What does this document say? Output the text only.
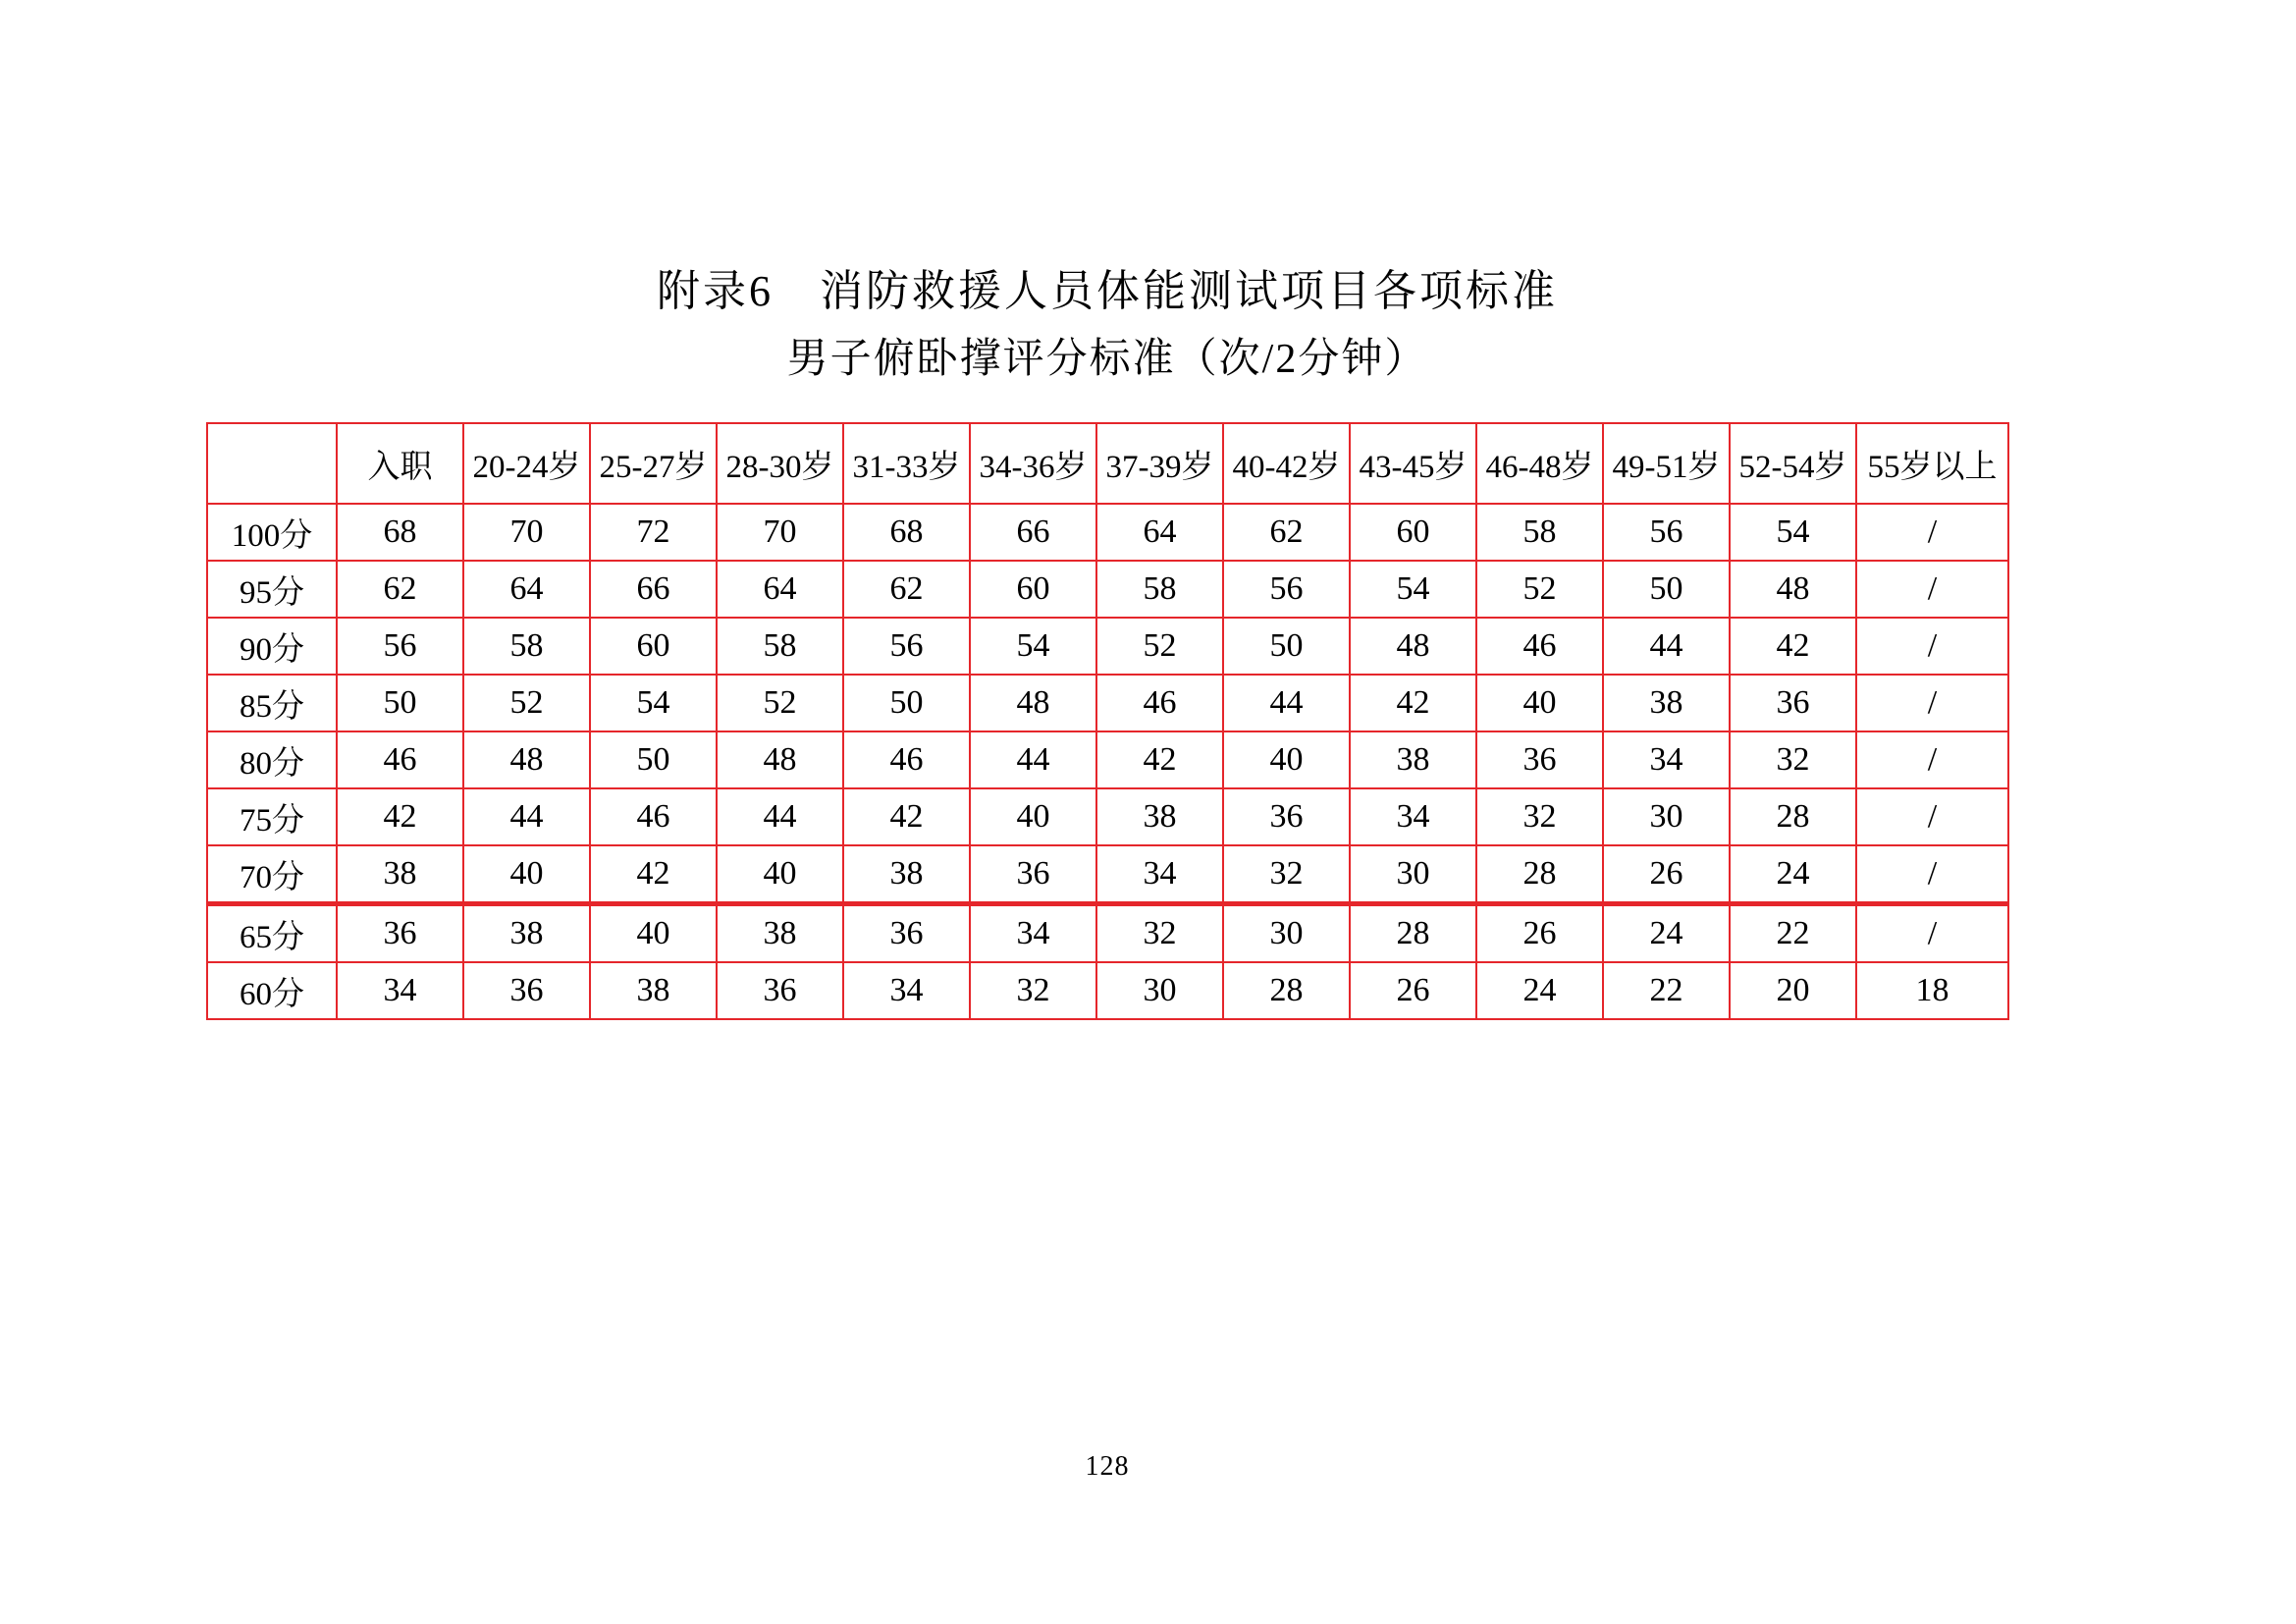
附录6　消防救援人员体能测试项目各项标准
男子俯卧撑评分标准（次/2分钟）
	入职	20-24岁	25-27岁	28-30岁	31-33岁	34-36岁	37-39岁	40-42岁	43-45岁	46-48岁	49-51岁	52-54岁	55岁以上
100分	68	70	72	70	68	66	64	62	60	58	56	54	/
95分	62	64	66	64	62	60	58	56	54	52	50	48	/
90分	56	58	60	58	56	54	52	50	48	46	44	42	/
85分	50	52	54	52	50	48	46	44	42	40	38	36	/
80分	46	48	50	48	46	44	42	40	38	36	34	32	/
75分	42	44	46	44	42	40	38	36	34	32	30	28	/
70分	38	40	42	40	38	36	34	32	30	28	26	24	/
65分	36	38	40	38	36	34	32	30	28	26	24	22	/
60分	34	36	38	36	34	32	30	28	26	24	22	20	18
128
